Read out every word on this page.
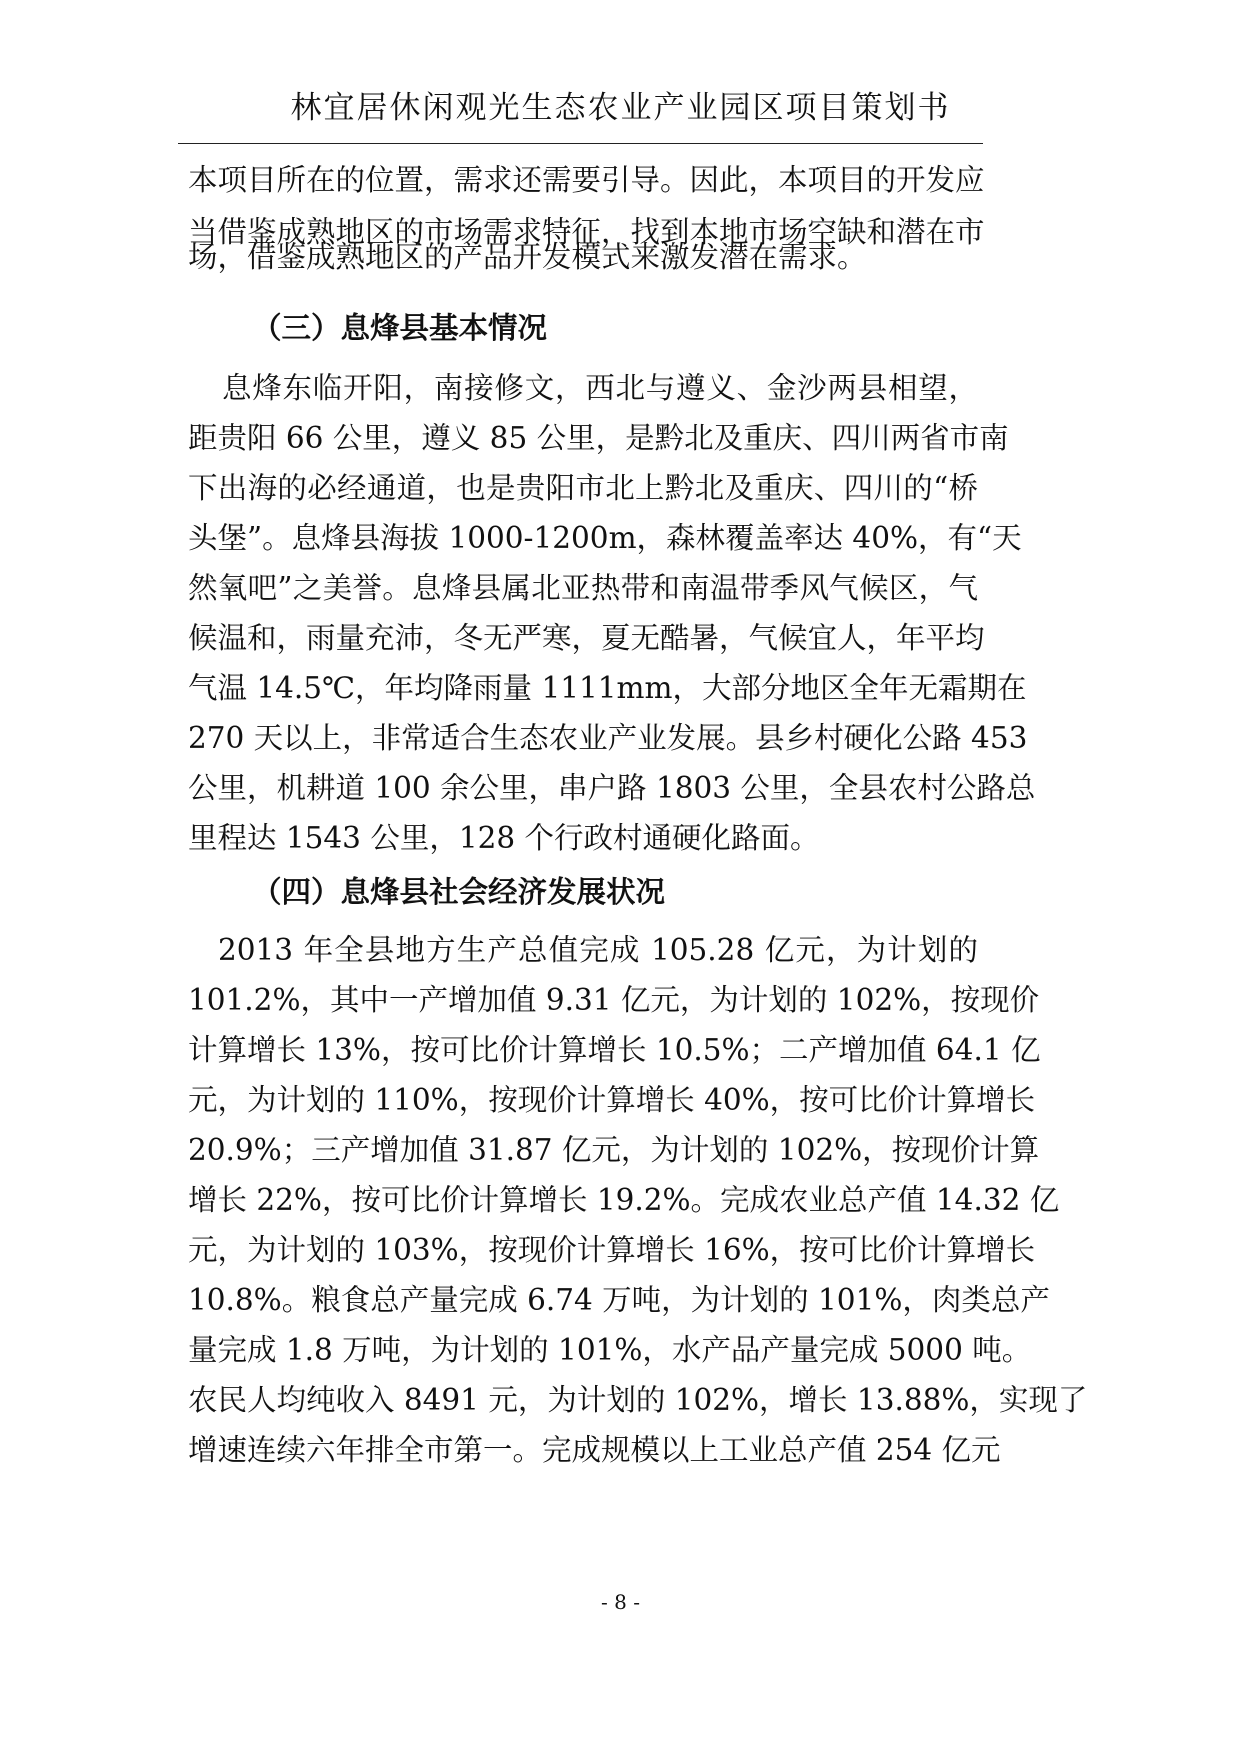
林宜居休闲观光生态农业产业园区项目策划书
本项目所在的位置，需求还需要引导。因此，本项目的开发应
当借鉴成熟地区的市场需求特征，找到本地市场空缺和潜在市
场，借鉴成熟地区的产品开发模式来激发潜在需求。
（三）息烽县基本情况
息烽东临开阳，南接修文，西北与遵义、金沙两县相望，
距贵阳 66 公里，遵义 85 公里，是黔北及重庆、四川两省市南
下出海的必经通道，也是贵阳市北上黔北及重庆、四川的“桥
头堡”。息烽县海拔 1000-1200m，森林覆盖率达 40%，有“天
然氧吧”之美誉。息烽县属北亚热带和南温带季风气候区，气
候温和，雨量充沛，冬无严寒，夏无酷暑，气候宜人，年平均
气温 14.5℃，年均降雨量 1111mm，大部分地区全年无霜期在
270 天以上，非常适合生态农业产业发展。县乡村硬化公路 453
公里，机耕道 100 余公里，串户路 1803 公里，全县农村公路总
里程达 1543 公里，128 个行政村通硬化路面。
（四）息烽县社会经济发展状况
2013 年全县地方生产总值完成 105.28 亿元，为计划的
101.2%，其中一产增加值 9.31 亿元，为计划的 102%，按现价
计算增长 13%，按可比价计算增长 10.5%；二产增加值 64.1 亿
元，为计划的 110%，按现价计算增长 40%，按可比价计算增长
20.9%；三产增加值 31.87 亿元，为计划的 102%，按现价计算
增长 22%，按可比价计算增长 19.2%。完成农业总产值 14.32 亿
元，为计划的 103%，按现价计算增长 16%，按可比价计算增长
10.8%。粮食总产量完成 6.74 万吨，为计划的 101%，肉类总产
量完成 1.8 万吨，为计划的 101%，水产品产量完成 5000 吨。
农民人均纯收入 8491 元，为计划的 102%，增长 13.88%，实现了
增速连续六年排全市第一。完成规模以上工业总产值 254 亿元
- 8 -
